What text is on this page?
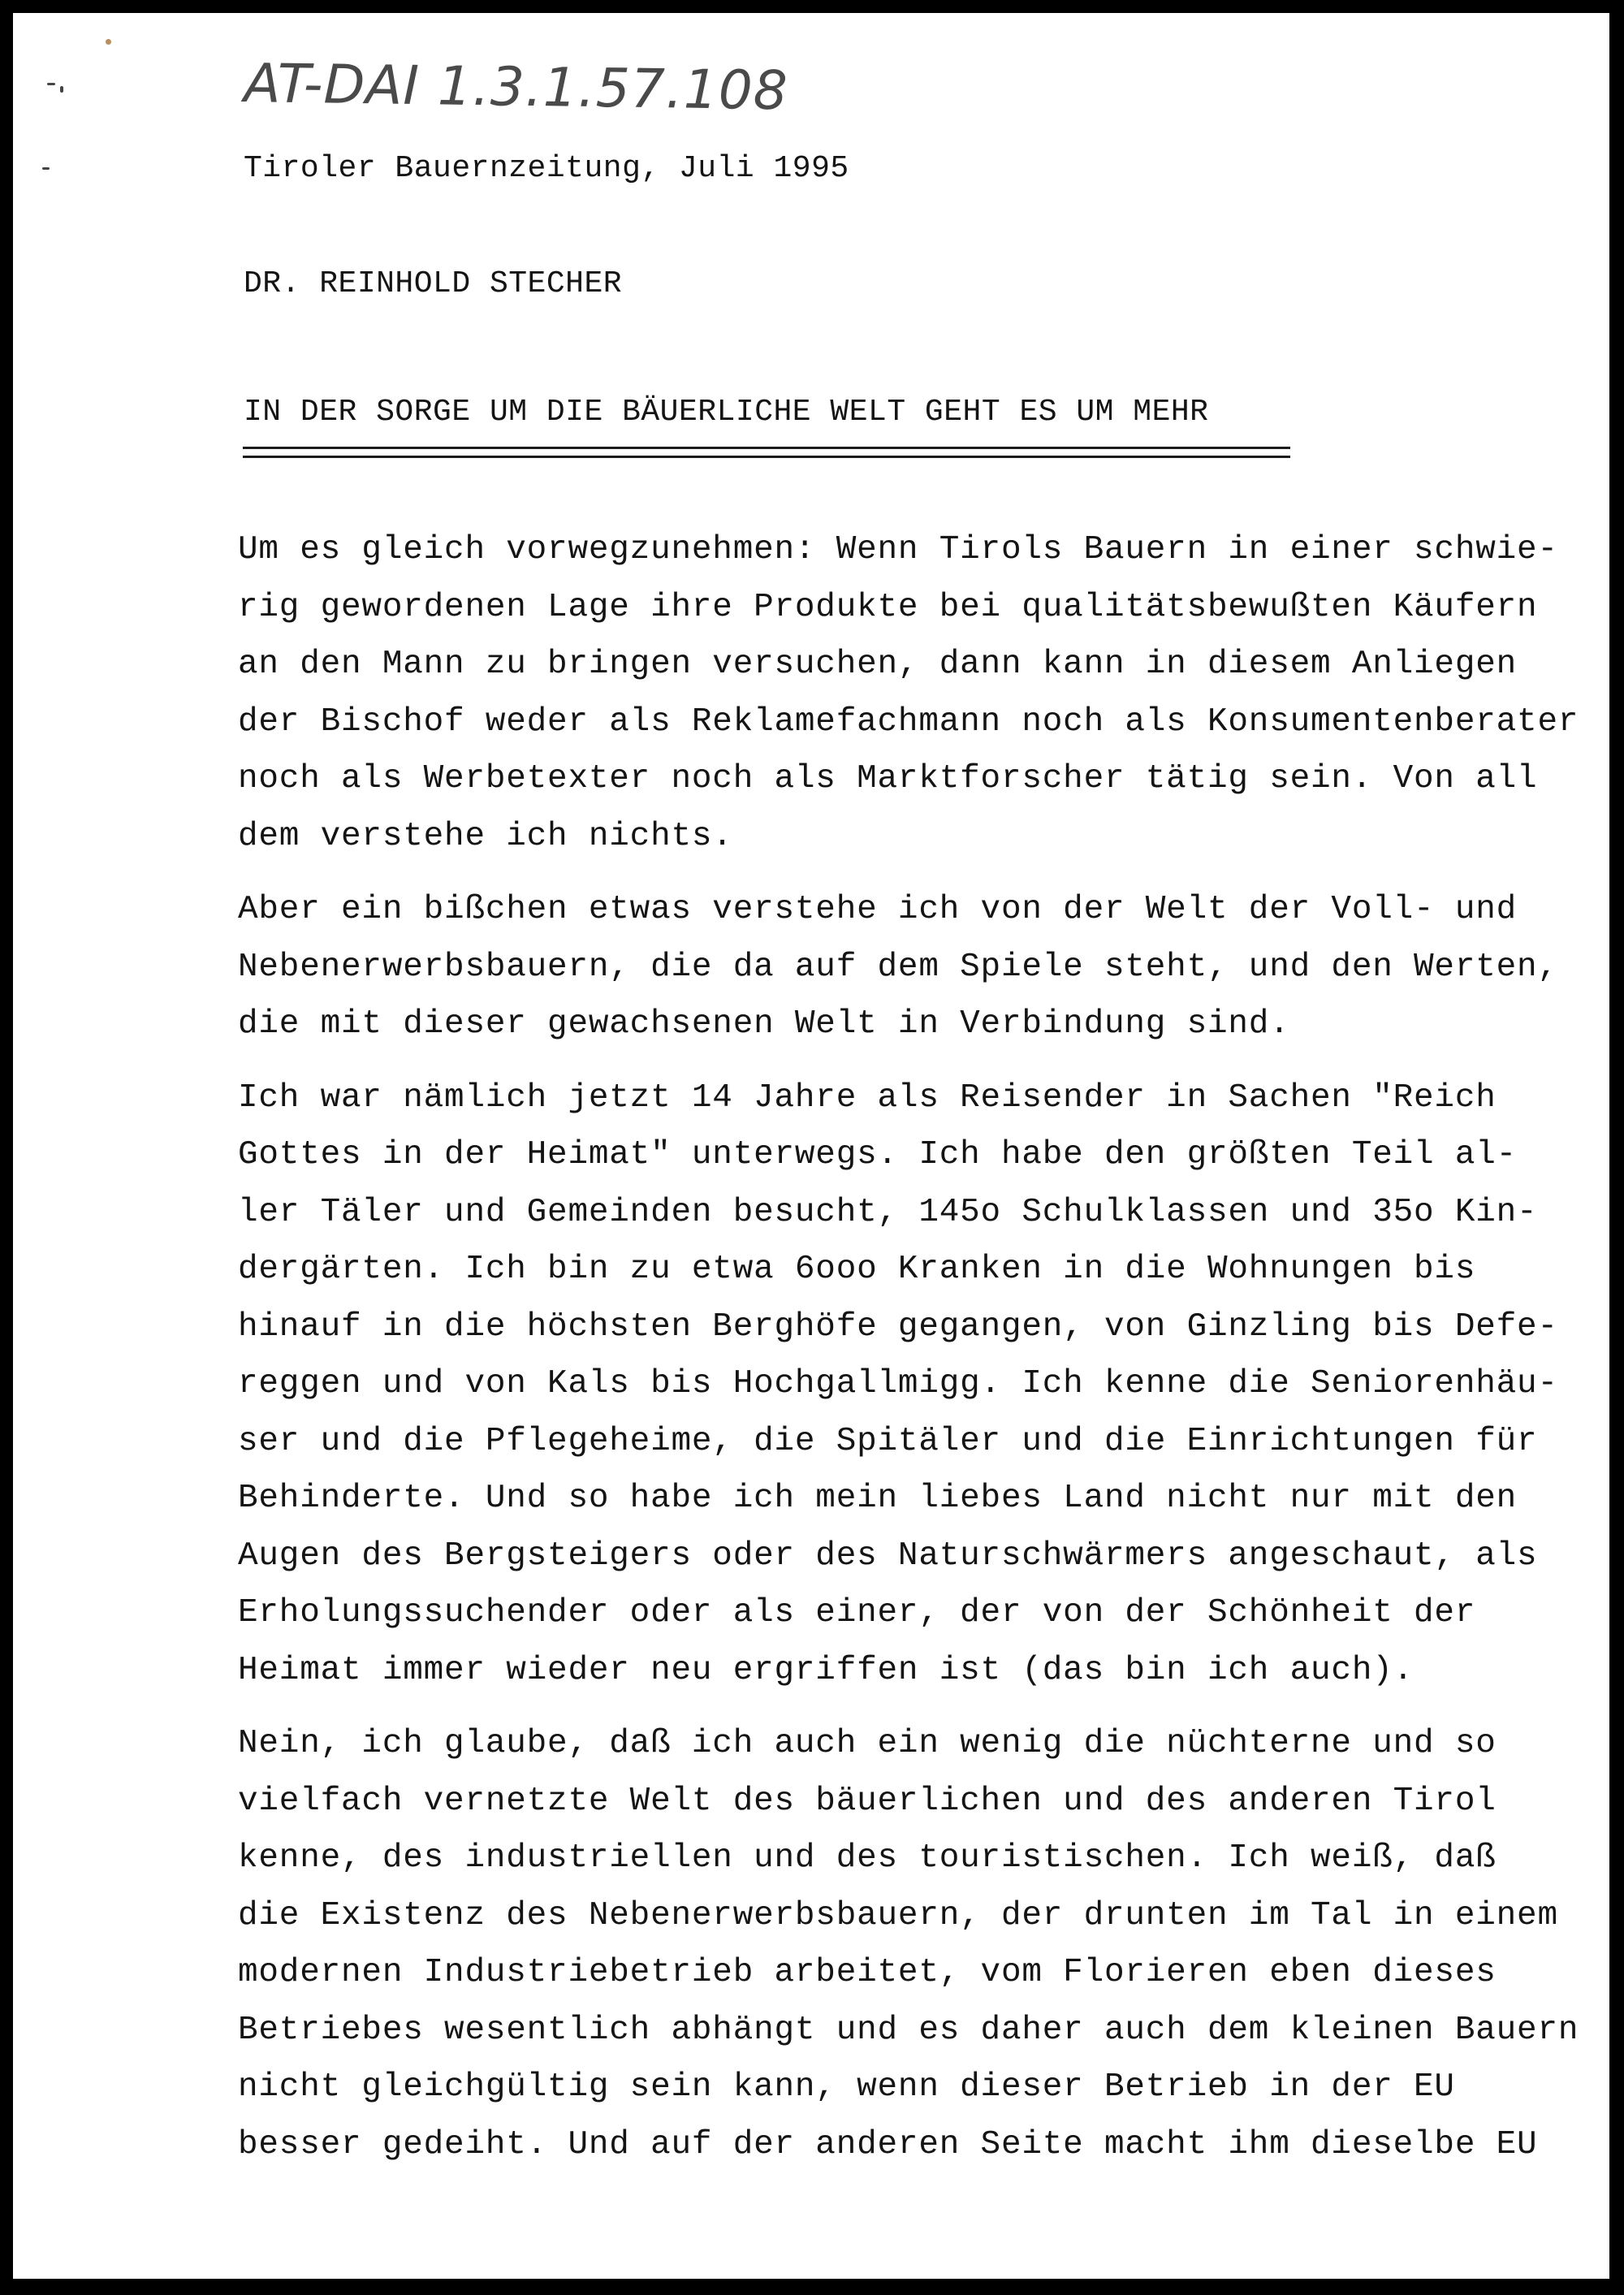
AT-DAI 1.3.1.57.108
Tiroler Bauernzeitung, Juli 1995
DR. REINHOLD STECHER
IN DER SORGE UM DIE BÄUERLICHE WELT GEHT ES UM MEHR
Um es gleich vorwegzunehmen: Wenn Tirols Bauern in einer schwie-
rig gewordenen Lage ihre Produkte bei qualitätsbewußten Käufern
an den Mann zu bringen versuchen, dann kann in diesem Anliegen
der Bischof weder als Reklamefachmann noch als Konsumentenberater
noch als Werbetexter noch als Marktforscher tätig sein. Von all
dem verstehe ich nichts.
Aber ein bißchen etwas verstehe ich von der Welt der Voll- und
Nebenerwerbsbauern, die da auf dem Spiele steht, und den Werten,
die mit dieser gewachsenen Welt in Verbindung sind.
Ich war nämlich jetzt 14 Jahre als Reisender in Sachen "Reich
Gottes in der Heimat" unterwegs. Ich habe den größten Teil al-
ler Täler und Gemeinden besucht, 145o Schulklassen und 35o Kin-
dergärten. Ich bin zu etwa 6ooo Kranken in die Wohnungen bis
hinauf in die höchsten Berghöfe gegangen, von Ginzling bis Defe-
reggen und von Kals bis Hochgallmigg. Ich kenne die Seniorenhäu-
ser und die Pflegeheime, die Spitäler und die Einrichtungen für
Behinderte. Und so habe ich mein liebes Land nicht nur mit den
Augen des Bergsteigers oder des Naturschwärmers angeschaut, als
Erholungssuchender oder als einer, der von der Schönheit der
Heimat immer wieder neu ergriffen ist (das bin ich auch).
Nein, ich glaube, daß ich auch ein wenig die nüchterne und so
vielfach vernetzte Welt des bäuerlichen und des anderen Tirol
kenne, des industriellen und des touristischen. Ich weiß, daß
die Existenz des Nebenerwerbsbauern, der drunten im Tal in einem
modernen Industriebetrieb arbeitet, vom Florieren eben dieses
Betriebes wesentlich abhängt und es daher auch dem kleinen Bauern
nicht gleichgültig sein kann, wenn dieser Betrieb in der EU
besser gedeiht. Und auf der anderen Seite macht ihm dieselbe EU
